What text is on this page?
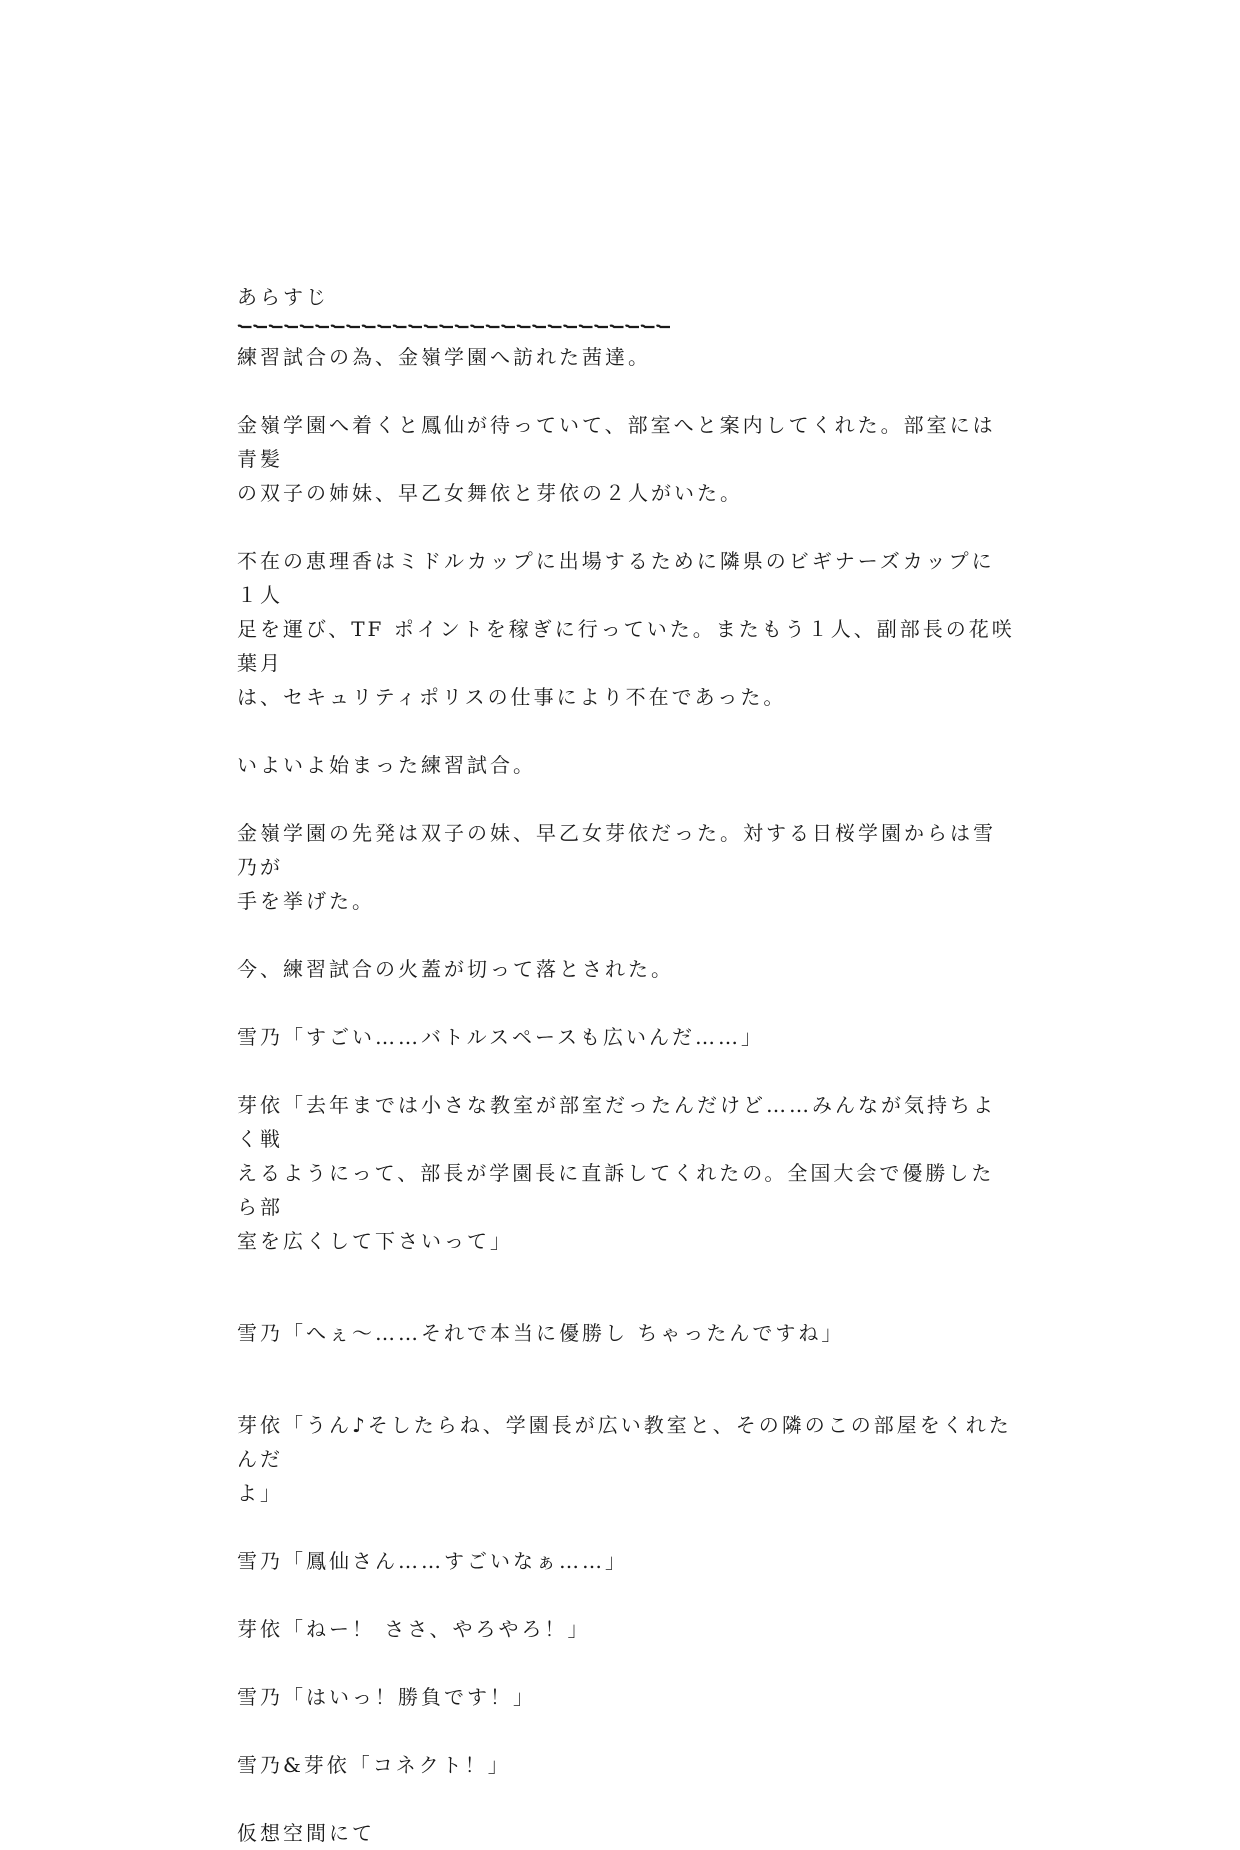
あらすじ

練習試合の為、金嶺学園へ訪れた茜達。

金嶺学園へ着くと鳳仙が待っていて、部室へと案内してくれた。部室には青髪
の双子の姉妹、早乙女舞依と芽依の２人がいた。

不在の恵理香はミドルカップに出場するために隣県のビギナーズカップに １人
足を運び、TF ポイントを稼ぎに行っていた。またもう１人、副部長の花咲葉月
は、セキュリティポリスの仕事により不在であった。

いよいよ始まった練習試合。

金嶺学園の先発は双子の妹、早乙女芽依だった。対する日桜学園からは雪乃が
手を挙げた。

今、練習試合の火蓋が切って落とされた。

雪乃「すごい……バトルスペースも広いんだ……」

芽依「去年までは小さな教室が部室だったんだけど……みんなが気持ちよく戦
えるようにって、部長が学園長に直訴してくれたの。全国大会で優勝したら部
室を広くして下さいって」

雪乃「へぇ〜……それで本当に優勝し ちゃったんですね」

芽依「うん♪そしたらね、学園長が広い教室と、その隣のこの部屋をくれたんだ
よ」

雪乃「鳳仙さん……すごいなぁ……」

芽依「ねー！ ささ、やろやろ！」

雪乃「はいっ！勝負です！」

雪乃&芽依「コネクト！」

仮想空間にて
